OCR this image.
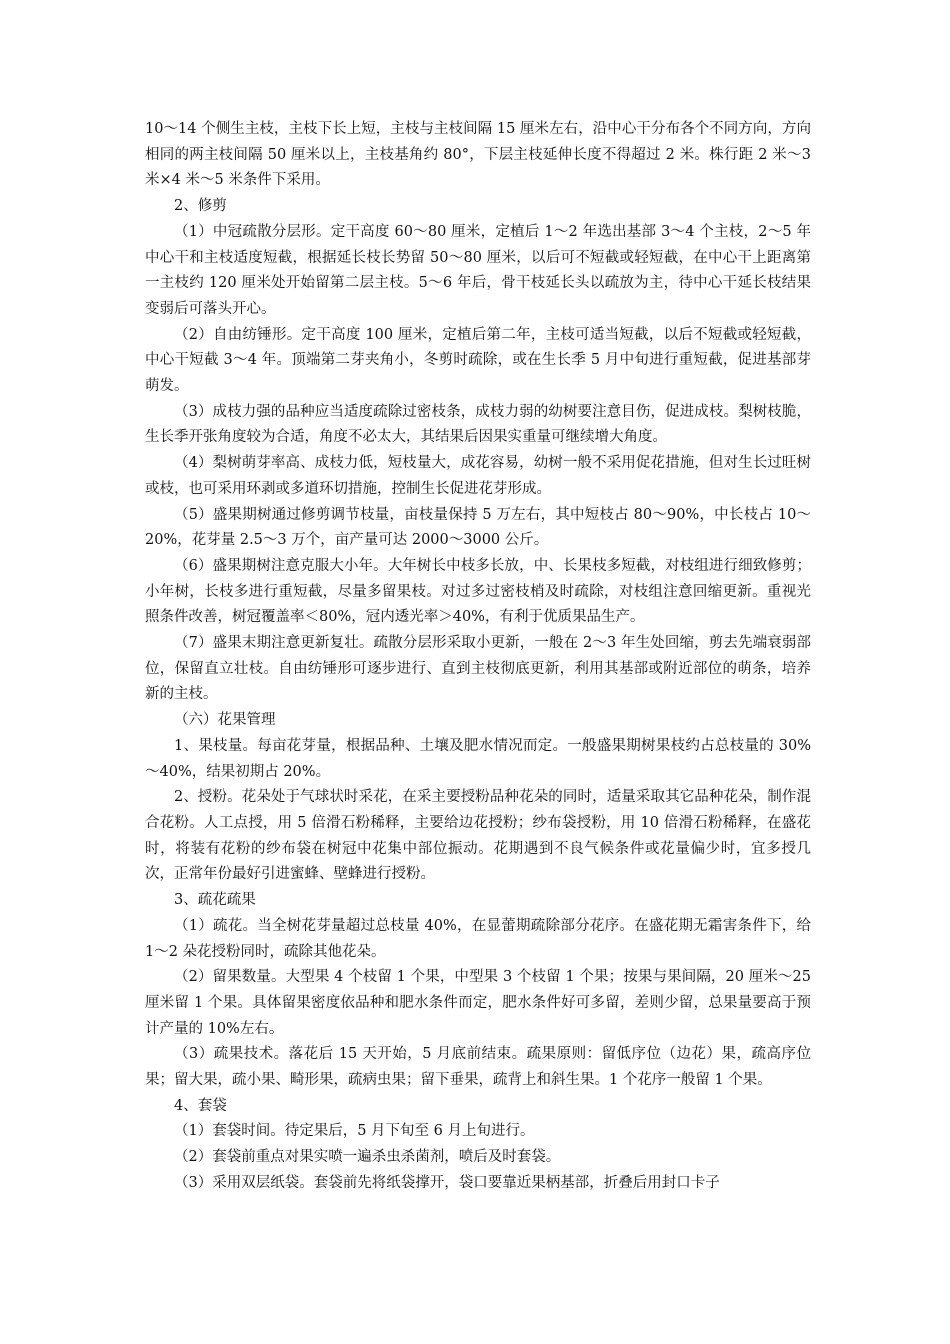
10～14 个侧生主枝，主枝下长上短，主枝与主枝间隔 15 厘米左右，沿中心干分布各个不同方向，方向相同的两主枝间隔 50 厘米以上，主枝基角约 80°，下层主枝延伸长度不得超过 2 米。株行距 2 米～3 米×4 米～5 米条件下采用。

2、修剪

（1）中冠疏散分层形。定干高度 60～80 厘米，定植后 1～2 年选出基部 3～4 个主枝，2～5 年中心干和主枝适度短截，根据延长枝长势留 50～80 厘米，以后可不短截或轻短截，在中心干上距离第一主枝约 120 厘米处开始留第二层主枝。5～6 年后，骨干枝延长头以疏放为主，待中心干延长枝结果变弱后可落头开心。

（2）自由纺锤形。定干高度 100 厘米，定植后第二年，主枝可适当短截，以后不短截或轻短截，中心干短截 3～4 年。顶端第二芽夹角小，冬剪时疏除，或在生长季 5 月中旬进行重短截，促进基部芽萌发。

（3）成枝力强的品种应当适度疏除过密枝条，成枝力弱的幼树要注意目伤，促进成枝。梨树枝脆，生长季开张角度较为合适，角度不必太大，其结果后因果实重量可继续增大角度。

（4）梨树萌芽率高、成枝力低，短枝量大，成花容易，幼树一般不采用促花措施，但对生长过旺树或枝，也可采用环剥或多道环切措施，控制生长促进花芽形成。

（5）盛果期树通过修剪调节枝量，亩枝量保持 5 万左右，其中短枝占 80～90%，中长枝占 10～20%，花芽量 2.5～3 万个，亩产量可达 2000～3000 公斤。

（6）盛果期树注意克服大小年。大年树长中枝多长放，中、长果枝多短截，对枝组进行细致修剪；小年树，长枝多进行重短截，尽量多留果枝。对过多过密枝梢及时疏除，对枝组注意回缩更新。重视光照条件改善，树冠覆盖率＜80%，冠内透光率＞40%，有利于优质果品生产。

（7）盛果末期注意更新复壮。疏散分层形采取小更新，一般在 2～3 年生处回缩，剪去先端衰弱部位，保留直立壮枝。自由纺锤形可逐步进行、直到主枝彻底更新，利用其基部或附近部位的萌条，培养新的主枝。

（六）花果管理

1、果枝量。每亩花芽量，根据品种、土壤及肥水情况而定。一般盛果期树果枝约占总枝量的 30%～40%，结果初期占 20%。

2、授粉。花朵处于气球状时采花，在采主要授粉品种花朵的同时，适量采取其它品种花朵，制作混合花粉。人工点授，用 5 倍滑石粉稀释，主要给边花授粉；纱布袋授粉，用 10 倍滑石粉稀释，在盛花时，将装有花粉的纱布袋在树冠中花集中部位振动。花期遇到不良气候条件或花量偏少时，宜多授几次，正常年份最好引进蜜蜂、壁蜂进行授粉。

3、疏花疏果

（1）疏花。当全树花芽量超过总枝量 40%，在显蕾期疏除部分花序。在盛花期无霜害条件下，给 1～2 朵花授粉同时，疏除其他花朵。

（2）留果数量。大型果 4 个枝留 1 个果，中型果 3 个枝留 1 个果；按果与果间隔，20 厘米～25 厘米留 1 个果。具体留果密度依品种和肥水条件而定，肥水条件好可多留，差则少留，总果量要高于预计产量的 10%左右。

（3）疏果技术。落花后 15 天开始，5 月底前结束。疏果原则：留低序位（边花）果，疏高序位果；留大果，疏小果、畸形果，疏病虫果；留下垂果，疏背上和斜生果。1 个花序一般留 1 个果。

4、套袋

（1）套袋时间。待定果后，5 月下旬至 6 月上旬进行。

（2）套袋前重点对果实喷一遍杀虫杀菌剂，喷后及时套袋。

（3）采用双层纸袋。套袋前先将纸袋撑开，袋口要靠近果柄基部，折叠后用封口卡子
